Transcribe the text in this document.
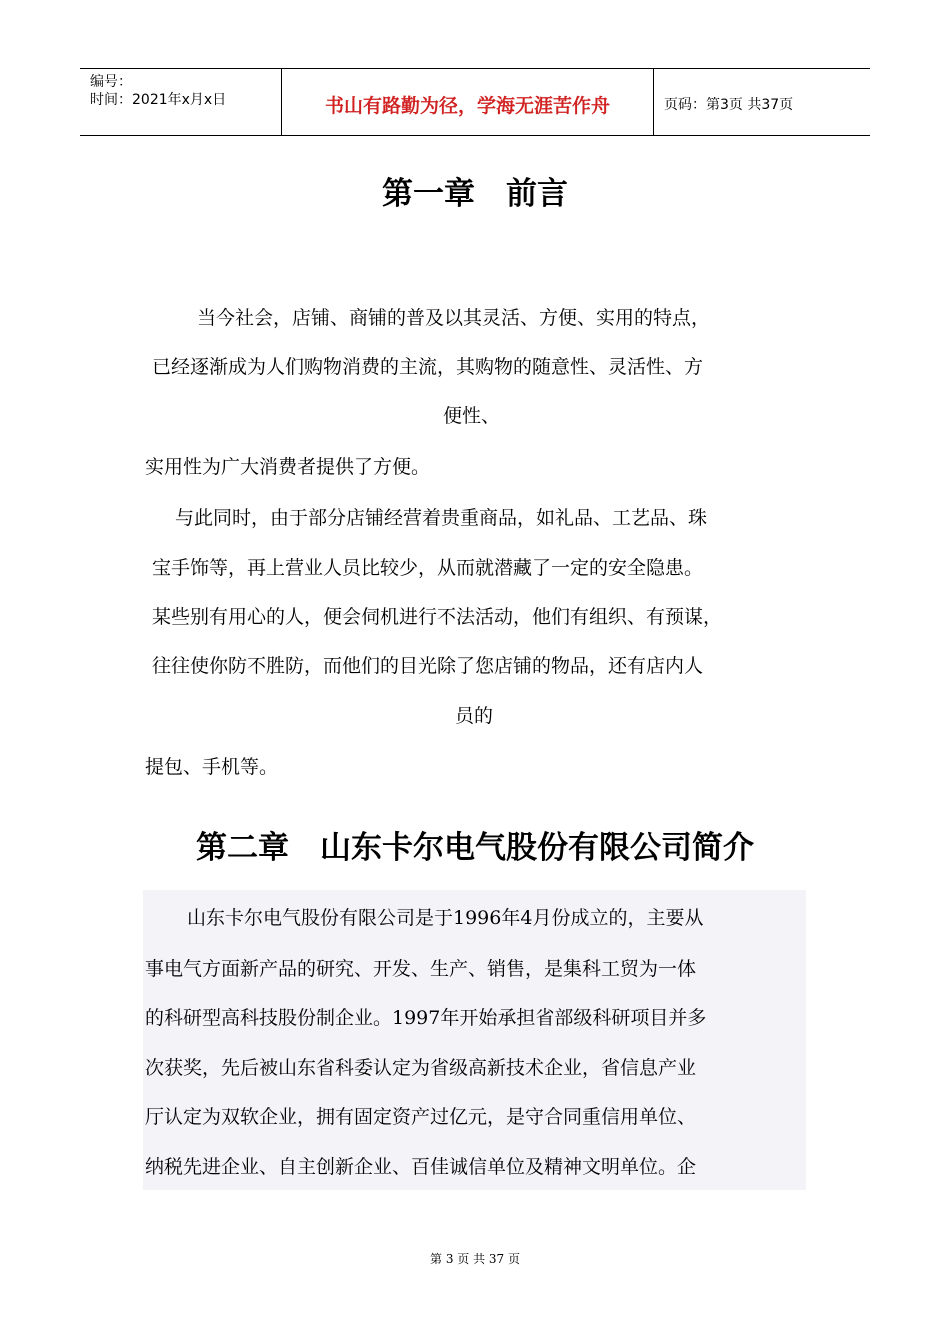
编号：
时间：2021年x月x日	书山有路勤为径，学海无涯苦作舟	页码：第3页 共37页
第一章　前言

当今社会，店铺、商铺的普及以其灵活、方便、实用的特点，

已经逐渐成为人们购物消费的主流，其购物的随意性、灵活性、方

便性、

实用性为广大消费者提供了方便。

与此同时，由于部分店铺经营着贵重商品，如礼品、工艺品、珠

宝手饰等，再上营业人员比较少，从而就潜藏了一定的安全隐患。

某些别有用心的人，便会伺机进行不法活动，他们有组织、有预谋，

往往使你防不胜防，而他们的目光除了您店铺的物品，还有店内人

员的

提包、手机等。

第二章　山东卡尔电气股份有限公司简介

山东卡尔电气股份有限公司是于1996年4月份成立的，主要从

事电气方面新产品的研究、开发、生产、销售，是集科工贸为一体

的科研型高科技股份制企业。1997年开始承担省部级科研项目并多

次获奖，先后被山东省科委认定为省级高新技术企业，省信息产业

厅认定为双软企业，拥有固定资产过亿元，是守合同重信用单位、

纳税先进企业、自主创新企业、百佳诚信单位及精神文明单位。企

第 3 页 共 37 页
